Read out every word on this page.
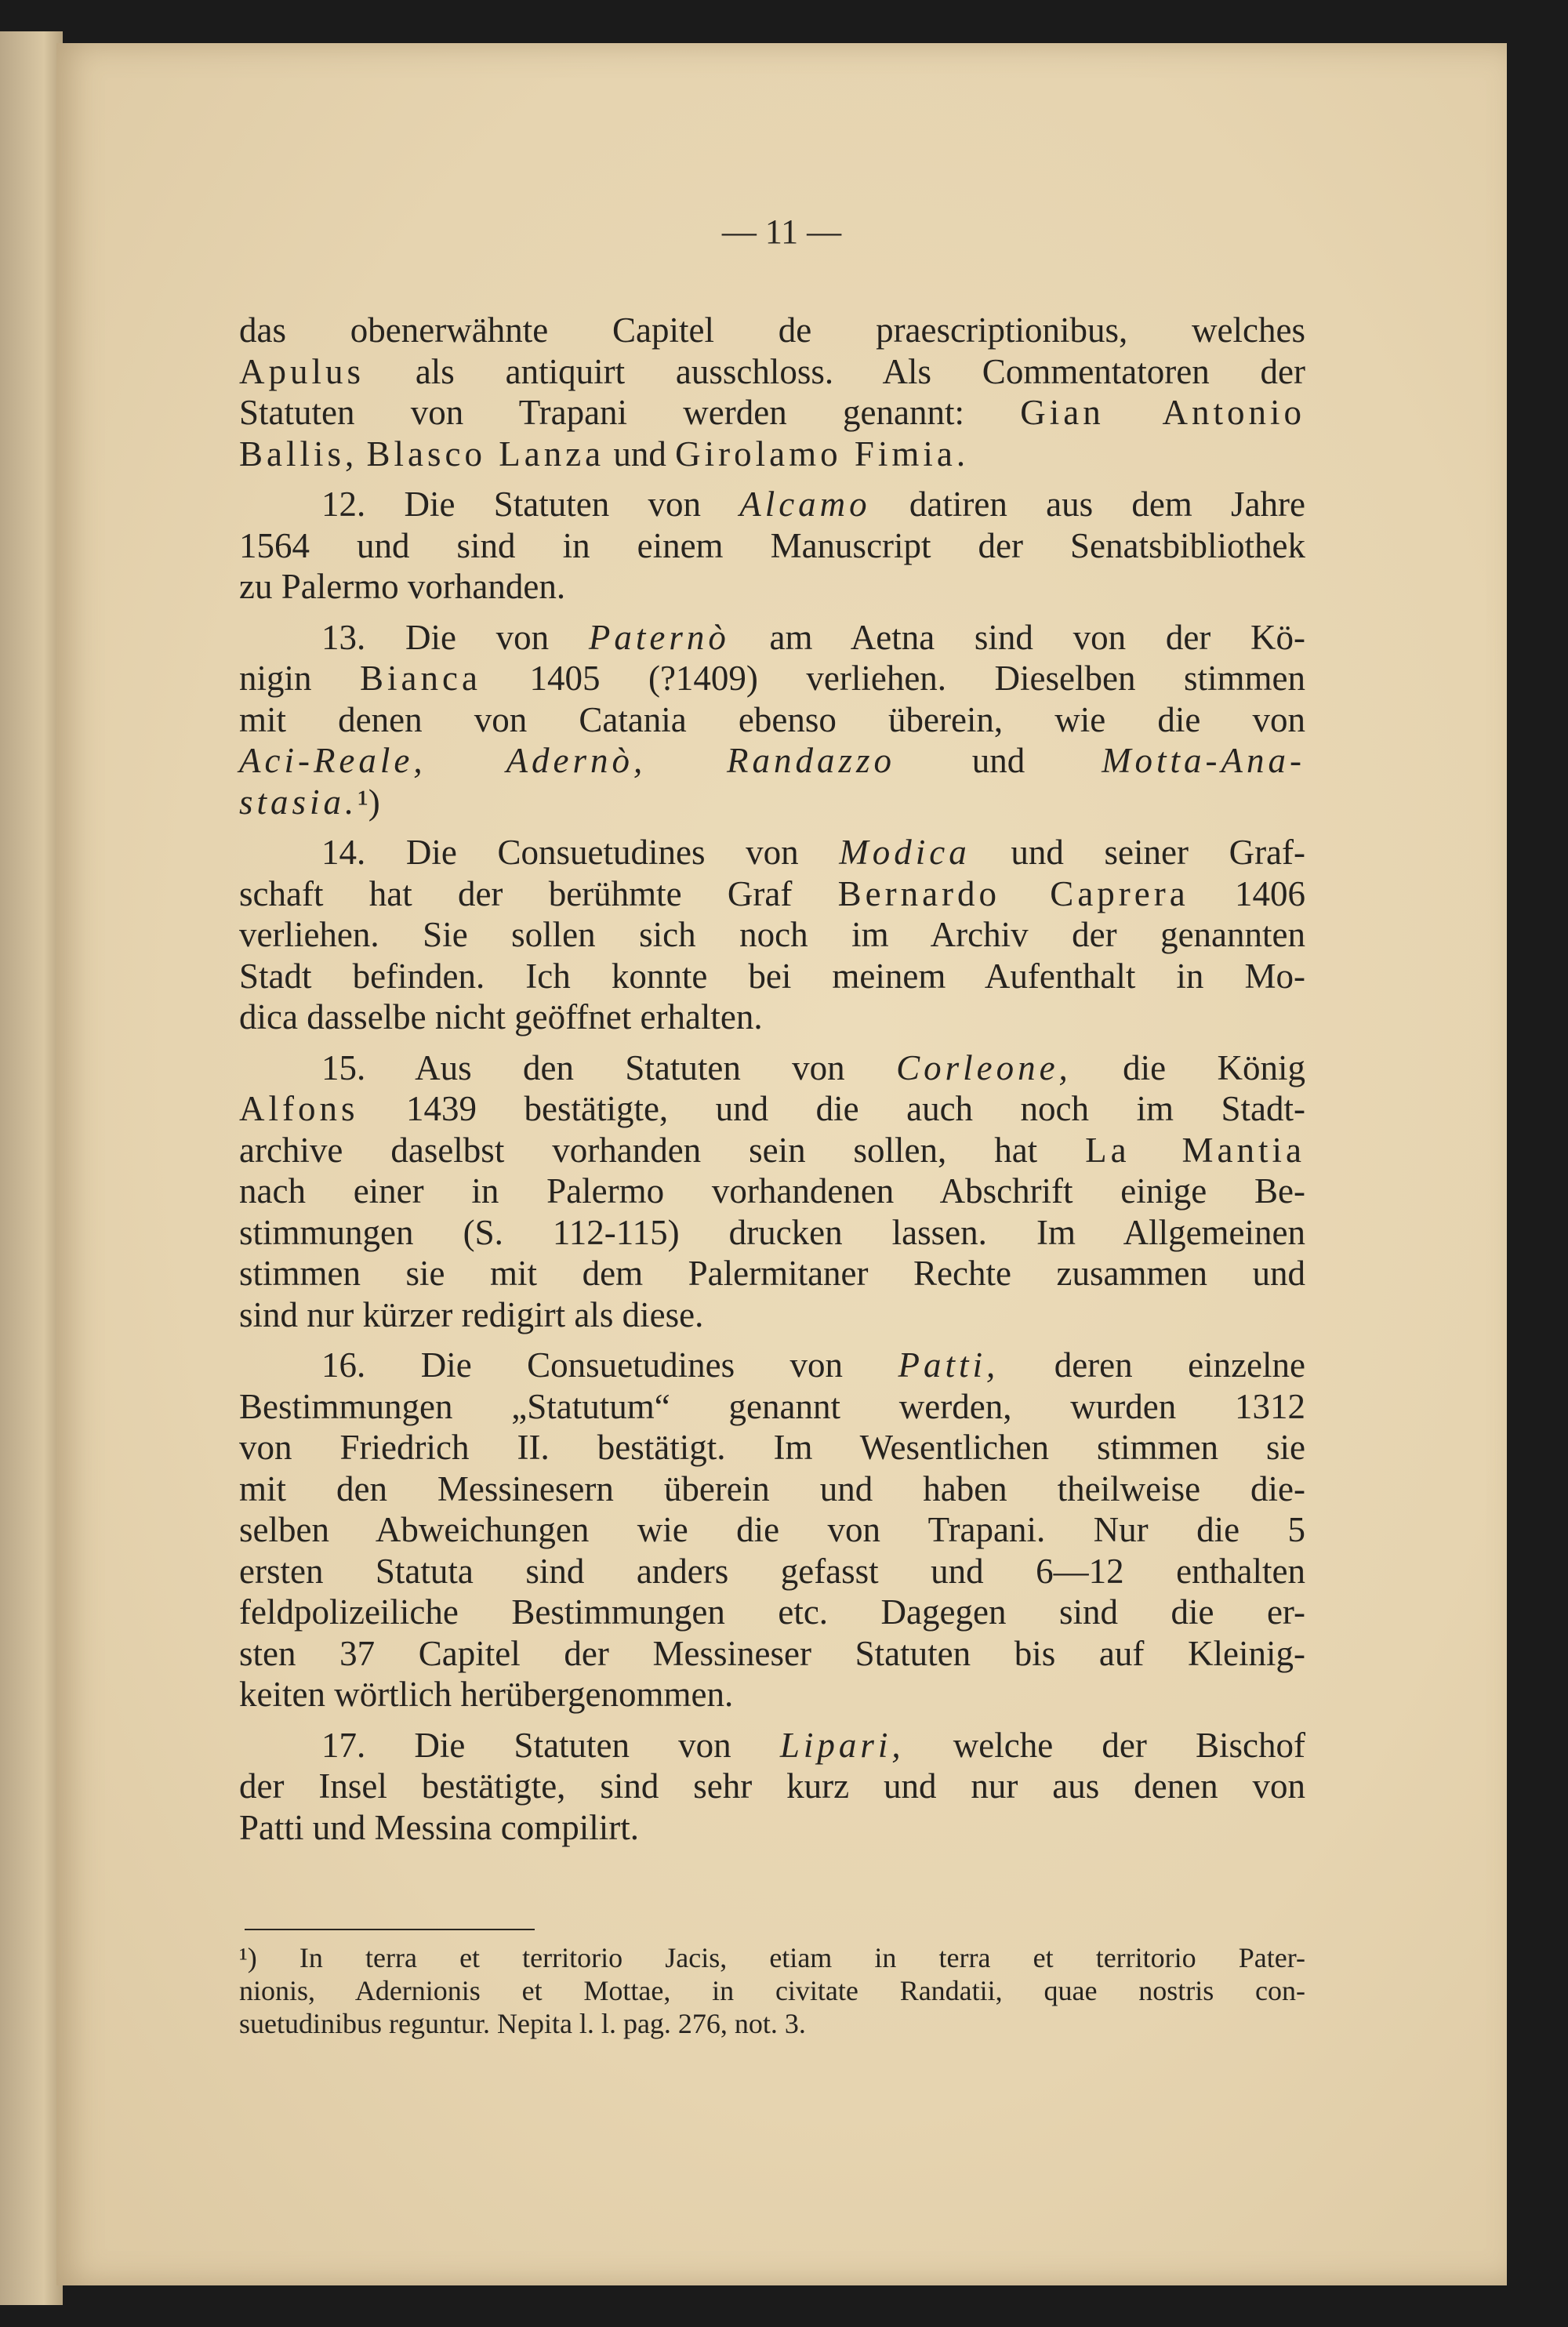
— 11 —
das obenerwähnte Capitel de praescriptionibus, welches
Apulus als antiquirt ausschloss. Als Commentatoren der
Statuten von Trapani werden genannt: Gian Antonio
Ballis, Blasco Lanza und Girolamo Fimia.
12. Die Statuten von Alcamo datiren aus dem Jahre
1564 und sind in einem Manuscript der Senatsbibliothek
zu Palermo vorhanden.
13. Die von Paternò am Aetna sind von der Kö-
nigin Bianca 1405 (?1409) verliehen. Dieselben stimmen
mit denen von Catania ebenso überein, wie die von
Aci-Reale, Adernò, Randazzo und Motta-Ana-
stasia.¹)
14. Die Consuetudines von Modica und seiner Graf-
schaft hat der berühmte Graf Bernardo Caprera 1406
verliehen. Sie sollen sich noch im Archiv der genannten
Stadt befinden. Ich konnte bei meinem Aufenthalt in Mo-
dica dasselbe nicht geöffnet erhalten.
15. Aus den Statuten von Corleone, die König
Alfons 1439 bestätigte, und die auch noch im Stadt-
archive daselbst vorhanden sein sollen, hat La Mantia
nach einer in Palermo vorhandenen Abschrift einige Be-
stimmungen (S. 112-115) drucken lassen. Im Allgemeinen
stimmen sie mit dem Palermitaner Rechte zusammen und
sind nur kürzer redigirt als diese.
16. Die Consuetudines von Patti, deren einzelne
Bestimmungen „Statutum“ genannt werden, wurden 1312
von Friedrich II. bestätigt. Im Wesentlichen stimmen sie
mit den Messinesern überein und haben theilweise die-
selben Abweichungen wie die von Trapani. Nur die 5
ersten Statuta sind anders gefasst und 6—12 enthalten
feldpolizeiliche Bestimmungen etc. Dagegen sind die er-
sten 37 Capitel der Messineser Statuten bis auf Kleinig-
keiten wörtlich herübergenommen.
17. Die Statuten von Lipari, welche der Bischof
der Insel bestätigte, sind sehr kurz und nur aus denen von
Patti und Messina compilirt.
¹) In terra et territorio Jacis, etiam in terra et territorio Pater-
nionis, Adernionis et Mottae, in civitate Randatii, quae nostris con-
suetudinibus reguntur. Nepita l. l. pag. 276, not. 3.
